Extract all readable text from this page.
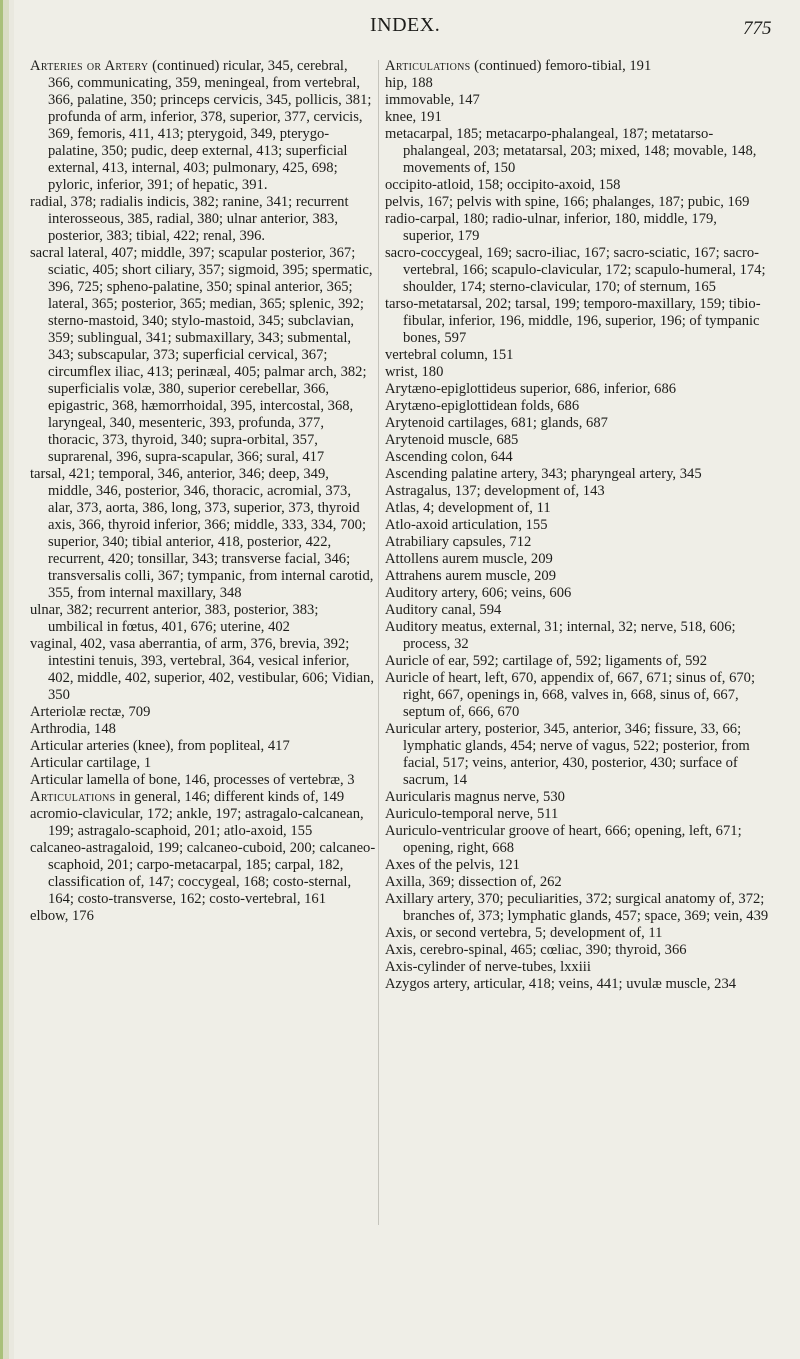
INDEX.	775

Arteries or Artery (continued) ricular, 345, cerebral, 366, communicating, 359, meningeal, from vertebral, 366, palatine, 350; princeps cervicis, 345, pollicis, 381; profunda of arm, inferior, 378, superior, 377, cervicis, 369, femoris, 411, 413; pterygoid, 349, pterygo-palatine, 350; pudic, deep external, 413; superficial external, 413, internal, 403; pulmonary, 425, 698; pyloric, inferior, 391; of hepatic, 391.

radial, 378; radialis indicis, 382; ranine, 341; recurrent interosseous, 385, radial, 380; ulnar anterior, 383, posterior, 383; tibial, 422; renal, 396.

sacral lateral, 407; middle, 397; scapular posterior, 367; sciatic, 405; short ciliary, 357; sigmoid, 395; spermatic, 396, 725; spheno-palatine, 350; spinal anterior, 365; lateral, 365; posterior, 365; median, 365; splenic, 392; sterno-mastoid, 340; stylo-mastoid, 345; subclavian, 359; sublingual, 341; submaxillary, 343; submental, 343; subscapular, 373; superficial cervical, 367; circumflex iliac, 413; perinæal, 405; palmar arch, 382; superficialis volæ, 380, superior cerebellar, 366, epigastric, 368, hæmorrhoidal, 395, intercostal, 368, laryngeal, 340, mesenteric, 393, profunda, 377, thoracic, 373, thyroid, 340; supra-orbital, 357, suprarenal, 396, supra-scapular, 366; sural, 417

tarsal, 421; temporal, 346, anterior, 346; deep, 349, middle, 346, posterior, 346, thoracic, acromial, 373, alar, 373, aorta, 386, long, 373, superior, 373, thyroid axis, 366, thyroid inferior, 366; middle, 333, 334, 700; superior, 340; tibial anterior, 418, posterior, 422, recurrent, 420; tonsillar, 343; transverse facial, 346; transversalis colli, 367; tympanic, from internal carotid, 355, from internal maxillary, 348

ulnar, 382; recurrent anterior, 383, posterior, 383; umbilical in fœtus, 401, 676; uterine, 402

vaginal, 402, vasa aberrantia, of arm, 376, brevia, 392; intestini tenuis, 393, vertebral, 364, vesical inferior, 402, middle, 402, superior, 402, vestibular, 606; Vidian, 350

Arteriolæ rectæ, 709

Arthrodia, 148

Articular arteries (knee), from popliteal, 417

Articular cartilage, 1

Articular lamella of bone, 146, processes of vertebræ, 3

Articulations in general, 146; different kinds of, 149

acromio-clavicular, 172; ankle, 197; astragalo-calcanean, 199; astragalo-scaphoid, 201; atlo-axoid, 155

calcaneo-astragaloid, 199; calcaneo-cuboid, 200; calcaneo-scaphoid, 201; carpo-metacarpal, 185; carpal, 182, classification of, 147; coccygeal, 168; costo-sternal, 164; costo-transverse, 162; costo-vertebral, 161

elbow, 176

Articulations (continued) femoro-tibial, 191

hip, 188

immovable, 147

knee, 191

metacarpal, 185; metacarpo-phalangeal, 187; metatarso-phalangeal, 203; metatarsal, 203; mixed, 148; movable, 148, movements of, 150

occipito-atloid, 158; occipito-axoid, 158

pelvis, 167; pelvis with spine, 166; phalanges, 187; pubic, 169

radio-carpal, 180; radio-ulnar, inferior, 180, middle, 179, superior, 179

sacro-coccygeal, 169; sacro-iliac, 167; sacro-sciatic, 167; sacro-vertebral, 166; scapulo-clavicular, 172; scapulo-humeral, 174; shoulder, 174; sterno-clavicular, 170; of sternum, 165

tarso-metatarsal, 202; tarsal, 199; temporo-maxillary, 159; tibio-fibular, inferior, 196, middle, 196, superior, 196; of tympanic bones, 597

vertebral column, 151

wrist, 180

Arytæno-epiglottideus superior, 686, inferior, 686

Arytæno-epiglottidean folds, 686

Arytenoid cartilages, 681; glands, 687

Arytenoid muscle, 685

Ascending colon, 644

Ascending palatine artery, 343; pharyngeal artery, 345

Astragalus, 137; development of, 143

Atlas, 4; development of, 11

Atlo-axoid articulation, 155

Atrabiliary capsules, 712

Attollens aurem muscle, 209

Attrahens aurem muscle, 209

Auditory artery, 606; veins, 606

Auditory canal, 594

Auditory meatus, external, 31; internal, 32; nerve, 518, 606; process, 32

Auricle of ear, 592; cartilage of, 592; ligaments of, 592

Auricle of heart, left, 670, appendix of, 667, 671; sinus of, 670; right, 667, openings in, 668, valves in, 668, sinus of, 667, septum of, 666, 670

Auricular artery, posterior, 345, anterior, 346; fissure, 33, 66; lymphatic glands, 454; nerve of vagus, 522; posterior, from facial, 517; veins, anterior, 430, posterior, 430; surface of sacrum, 14

Auricularis magnus nerve, 530

Auriculo-temporal nerve, 511

Auriculo-ventricular groove of heart, 666; opening, left, 671; opening, right, 668

Axes of the pelvis, 121

Axilla, 369; dissection of, 262

Axillary artery, 370; peculiarities, 372; surgical anatomy of, 372; branches of, 373; lymphatic glands, 457; space, 369; vein, 439

Axis, or second vertebra, 5; development of, 11

Axis, cerebro-spinal, 465; cœliac, 390; thyroid, 366

Axis-cylinder of nerve-tubes, lxxiii

Azygos artery, articular, 418; veins, 441; uvulæ muscle, 234
